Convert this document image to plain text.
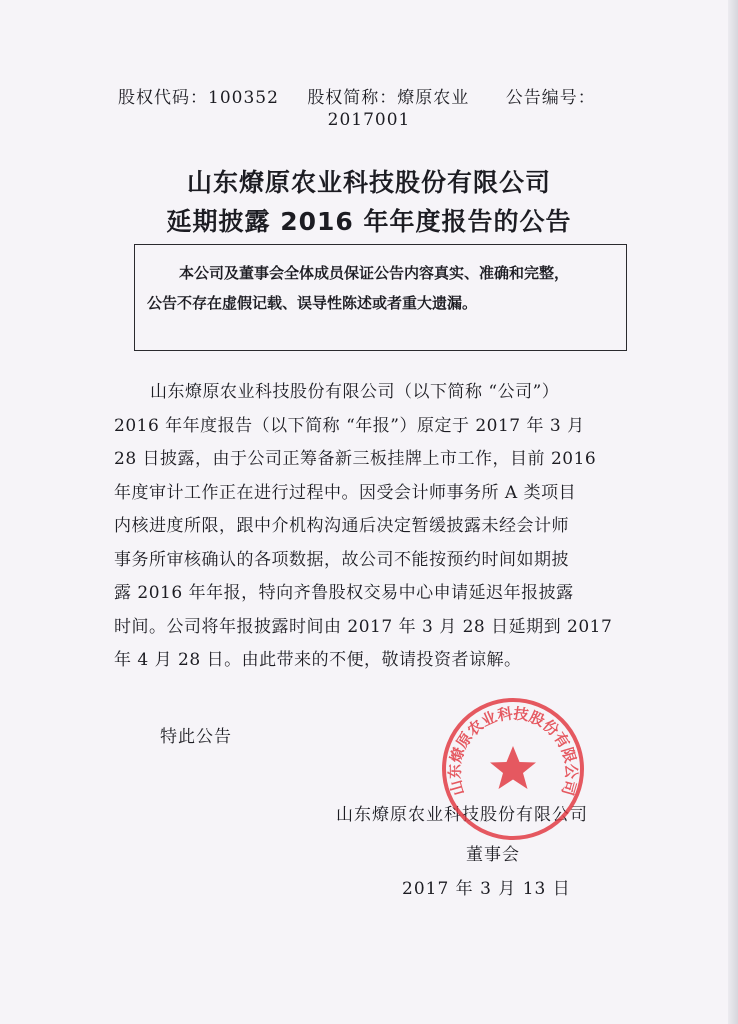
股权代码：100352 股权简称：燎原农业 公告编号：
2017001
山东燎原农业科技股份有限公司
延期披露 2016 年年度报告的公告

本公司及董事会全体成员保证公告内容真实、准确和完整，

公告不存在虚假记载、误导性陈述或者重大遗漏。

山东燎原农业科技股份有限公司（以下简称 “公司”）

2016 年年度报告（以下简称 “年报”）原定于 2017 年 3 月

28 日披露，由于公司正筹备新三板挂牌上市工作，目前 2016

年度审计工作正在进行过程中。因受会计师事务所 A 类项目

内核进度所限，跟中介机构沟通后决定暂缓披露未经会计师

事务所审核确认的各项数据，故公司不能按预约时间如期披

露 2016 年年报，特向齐鲁股权交易中心申请延迟年报披露

时间。公司将年报披露时间由 2017 年 3 月 28 日延期到 2017

年 4 月 28 日。由此带来的不便，敬请投资者谅解。

特此公告
山东燎原农业科技股份有限公司
董事会
2017 年 3 月 13 日
山东燎原农业科技股份有限公司
